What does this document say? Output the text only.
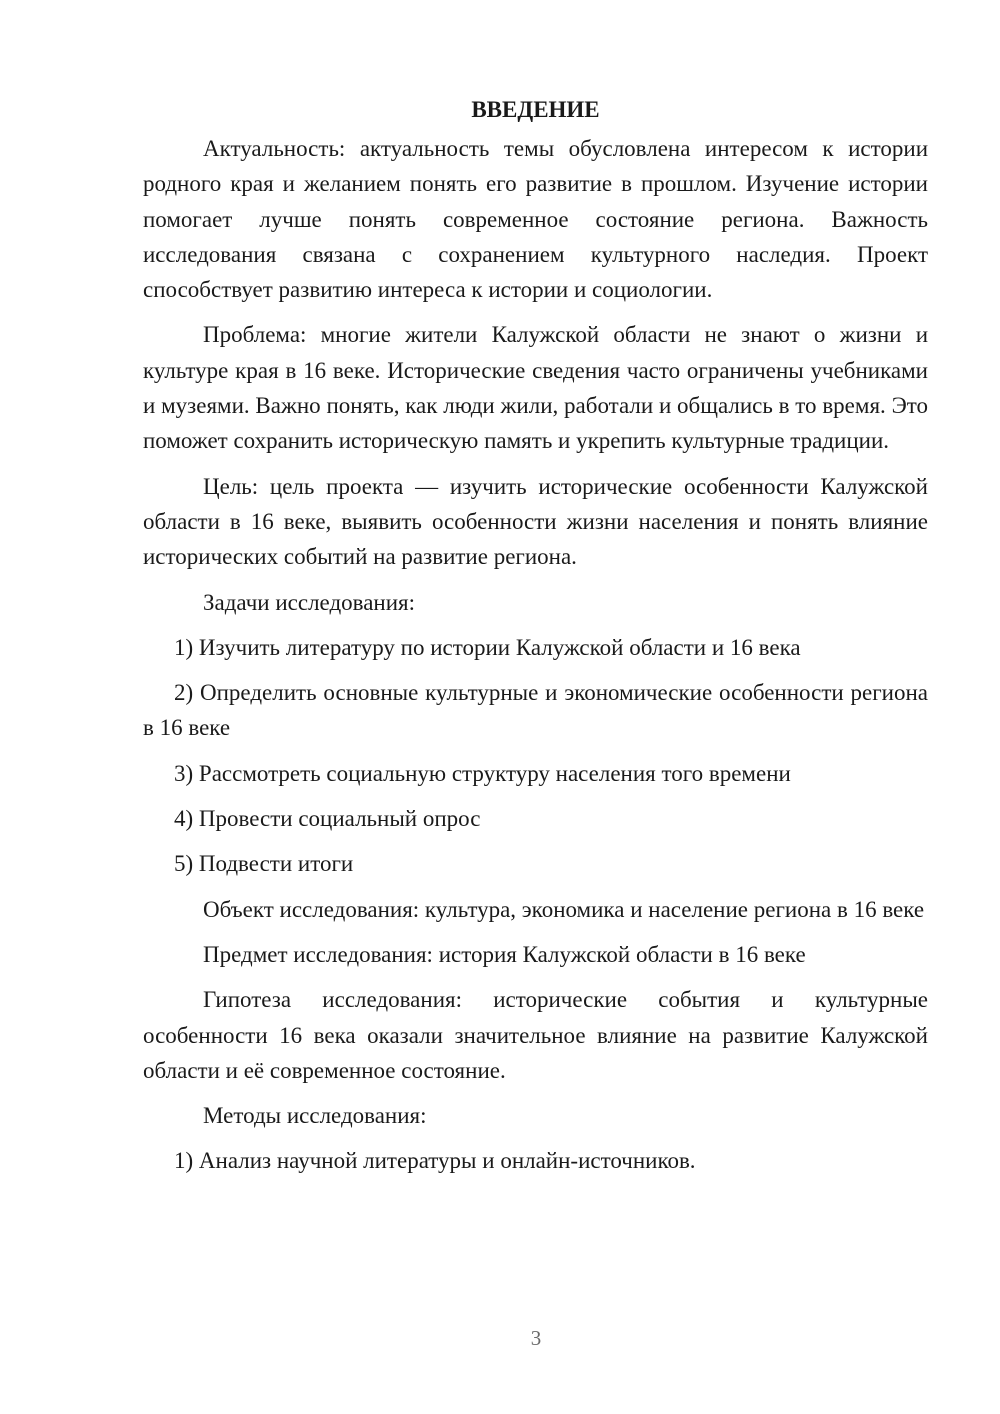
ВВЕДЕНИЕ

Актуальность: актуальность темы обусловлена интересом к истории родного края и желанием понять его развитие в прошлом. Изучение истории помогает лучше понять современное состояние региона. Важность исследования связана с сохранением культурного наследия. Проект способствует развитию интереса к истории и социологии.

Проблема: многие жители Калужской области не знают о жизни и культуре края в 16 веке. Исторические сведения часто ограничены учебниками и музеями. Важно понять, как люди жили, работали и общались в то время. Это поможет сохранить историческую память и укрепить культурные традиции.

Цель: цель проекта — изучить исторические особенности Калужской области в 16 веке, выявить особенности жизни населения и понять влияние исторических событий на развитие региона.

Задачи исследования:

1) Изучить литературу по истории Калужской области и 16 века

2) Определить основные культурные и экономические особенности региона в 16 веке

3) Рассмотреть социальную структуру населения того времени

4) Провести социальный опрос

5) Подвести итоги

Объект исследования: культура, экономика и население региона в 16 веке

Предмет исследования: история Калужской области в 16 веке

Гипотеза исследования: исторические события и культурные особенности 16 века оказали значительное влияние на развитие Калужской области и её современное состояние.

Методы исследования:

1) Анализ научной литературы и онлайн-источников.

3
